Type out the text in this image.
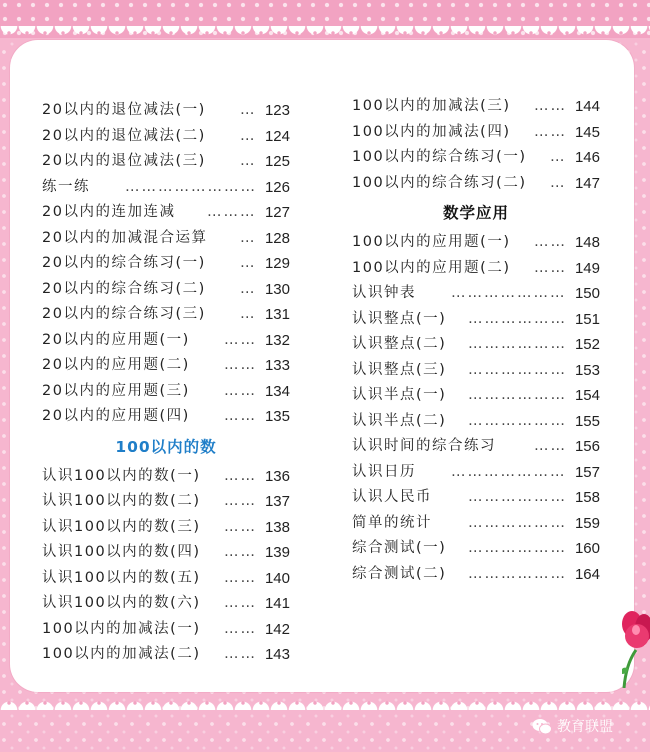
20以内的退位减法(一) … 123
20以内的退位减法(二) … 124
20以内的退位减法(三) … 125
练一练 …………………… 126
20以内的连加连减 ……… 127
20以内的加减混合运算 … 128
20以内的综合练习(一) … 129
20以内的综合练习(二) … 130
20以内的综合练习(三) … 131
20以内的应用题(一) …… 132
20以内的应用题(二) …… 133
20以内的应用题(三) …… 134
20以内的应用题(四) …… 135
100以内的数
认识100以内的数(一) …… 136
认识100以内的数(二) …… 137
认识100以内的数(三) …… 138
认识100以内的数(四) …… 139
认识100以内的数(五) …… 140
认识100以内的数(六) …… 141
100以内的加减法(一) …… 142
100以内的加减法(二) …… 143
100以内的加减法(三) …… 144
100以内的加减法(四) …… 145
100以内的综合练习(一) … 146
100以内的综合练习(二) … 147
数学应用
100以内的应用题(一) …… 148
100以内的应用题(二) …… 149
认识钟表 ………………… 150
认识整点(一) ……………… 151
认识整点(二) ……………… 152
认识整点(三) ……………… 153
认识半点(一) ……………… 154
认识半点(二) ……………… 155
认识时间的综合练习	…… 156
认识日历 ………………… 157
认识人民币 ……………… 158
简单的统计 ……………… 159
综合测试(一) ……………… 160
综合测试(二) ……………… 164
教育联盟
